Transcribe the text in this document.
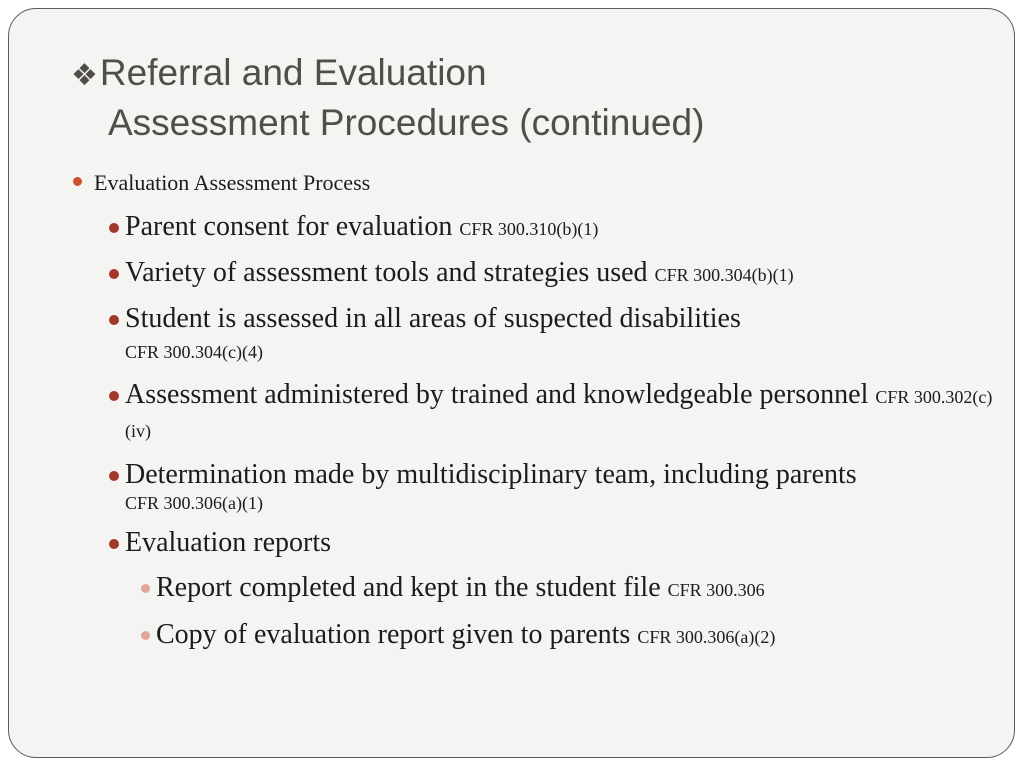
❖Referral and Evaluation
Assessment Procedures (continued)
Evaluation Assessment Process
Parent consent for evaluation CFR 300.310(b)(1)
Variety of assessment tools and strategies used CFR 300.304(b)(1)
Student is assessed in all areas of suspected disabilities
CFR 300.304(c)(4)
Assessment administered by trained and knowledgeable personnel CFR 300.302(c)(iv)
Determination made by multidisciplinary team, including parents
CFR 300.306(a)(1)
Evaluation reports
Report completed and kept in the student file CFR 300.306
Copy of evaluation report given to parents CFR 300.306(a)(2)
